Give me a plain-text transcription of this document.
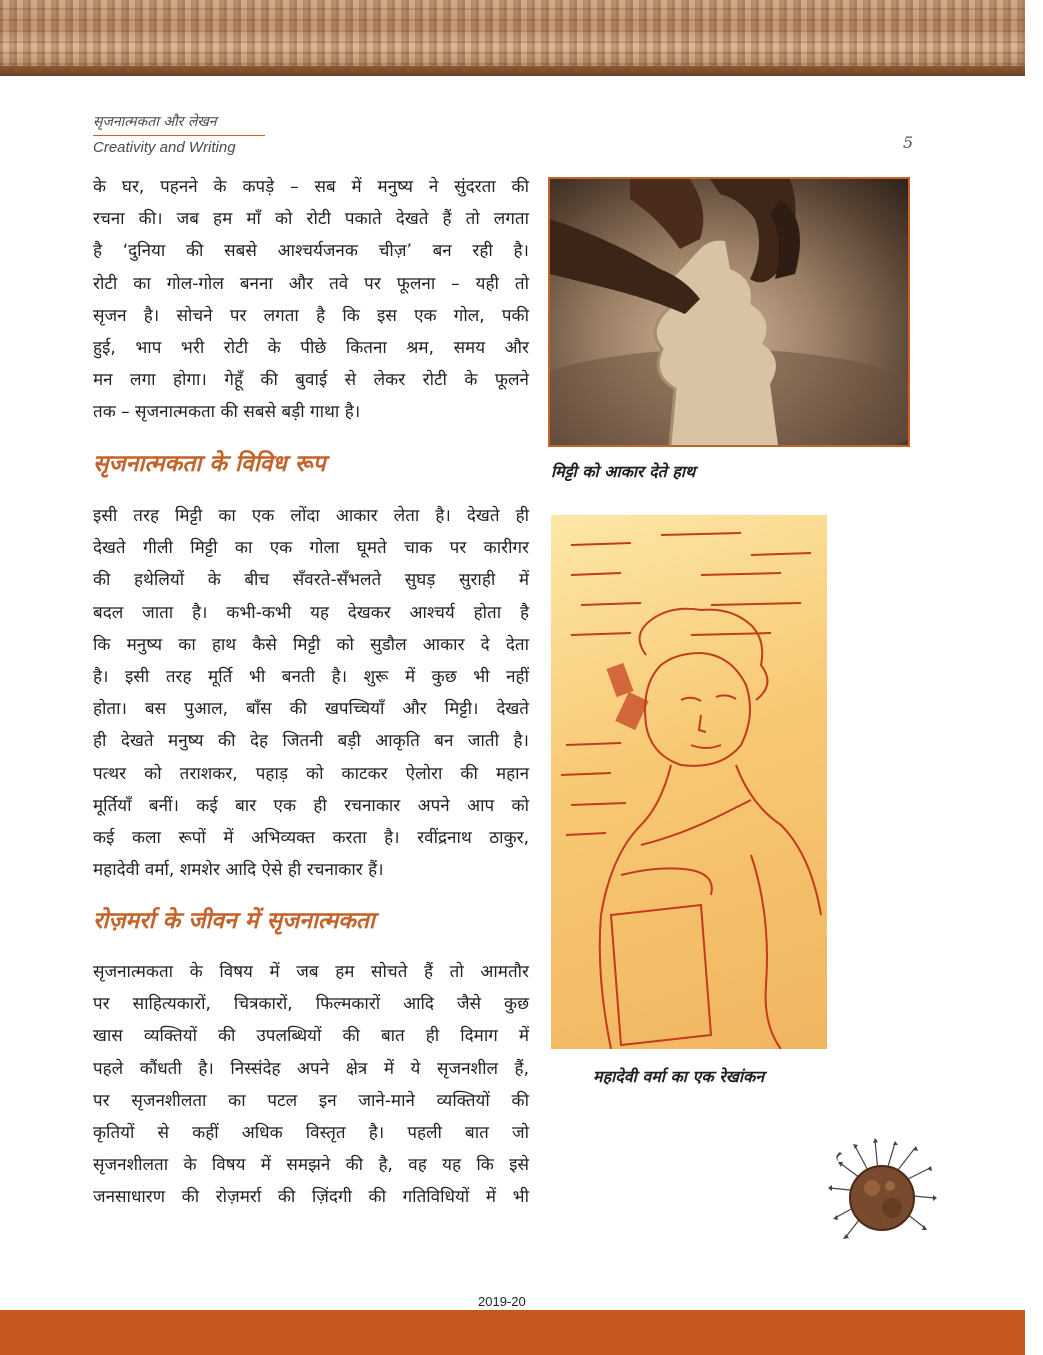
सृजनात्मकता और लेखन
Creativity and Writing	5
के घर, पहनने के कपड़े – सब में मनुष्य ने सुंदरता की
रचना की। जब हम माँ को रोटी पकाते देखते हैं तो लगता
है ‘दुनिया की सबसे आश्चर्यजनक चीज़’ बन रही है।
रोटी का गोल-गोल बनना और तवे पर फूलना – यही तो
सृजन है। सोचने पर लगता है कि इस एक गोल, पकी
हुई, भाप भरी रोटी के पीछे कितना श्रम, समय और
मन लगा होगा। गेहूँ की बुवाई से लेकर रोटी के फूलने
तक – सृजनात्मकता की सबसे बड़ी गाथा है।
सृजनात्मकता के विविध रूप
इसी तरह मिट्टी का एक लोंदा आकार लेता है। देखते ही
देखते गीली मिट्टी का एक गोला घूमते चाक पर कारीगर
की हथेलियों के बीच सँवरते-सँभलते सुघड़ सुराही में
बदल जाता है। कभी-कभी यह देखकर आश्चर्य होता है
कि मनुष्य का हाथ कैसे मिट्टी को सुडौल आकार दे देता
है। इसी तरह मूर्ति भी बनती है। शुरू में कुछ भी नहीं
होता। बस पुआल, बाँस की खपच्चियाँ और मिट्टी। देखते
ही देखते मनुष्य की देह जितनी बड़ी आकृति बन जाती है।
पत्थर को तराशकर, पहाड़ को काटकर ऐलोरा की महान
मूर्तियाँ बनीं। कई बार एक ही रचनाकार अपने आप को
कई कला रूपों में अभिव्यक्त करता है। रवींद्रनाथ ठाकुर,
महादेवी वर्मा, शमशेर आदि ऐसे ही रचनाकार हैं।
रोज़मर्रा के जीवन में सृजनात्मकता
सृजनात्मकता के विषय में जब हम सोचते हैं तो आमतौर
पर साहित्यकारों, चित्रकारों, फिल्मकारों आदि जैसे कुछ
खास व्यक्तियों की उपलब्धियों की बात ही दिमाग में
पहले कौंधती है। निस्संदेह अपने क्षेत्र में ये सृजनशील हैं,
पर सृजनशीलता का पटल इन जाने-माने व्यक्तियों की
कृतियों से कहीं अधिक विस्तृत है। पहली बात जो
सृजनशीलता के विषय में समझने की है, वह यह कि इसे
जनसाधारण की रोज़मर्रा की ज़िंदगी की गतिविधियों में भी
मिट्टी को आकार देते हाथ
महादेवी वर्मा का एक रेखांकन
2019-20
